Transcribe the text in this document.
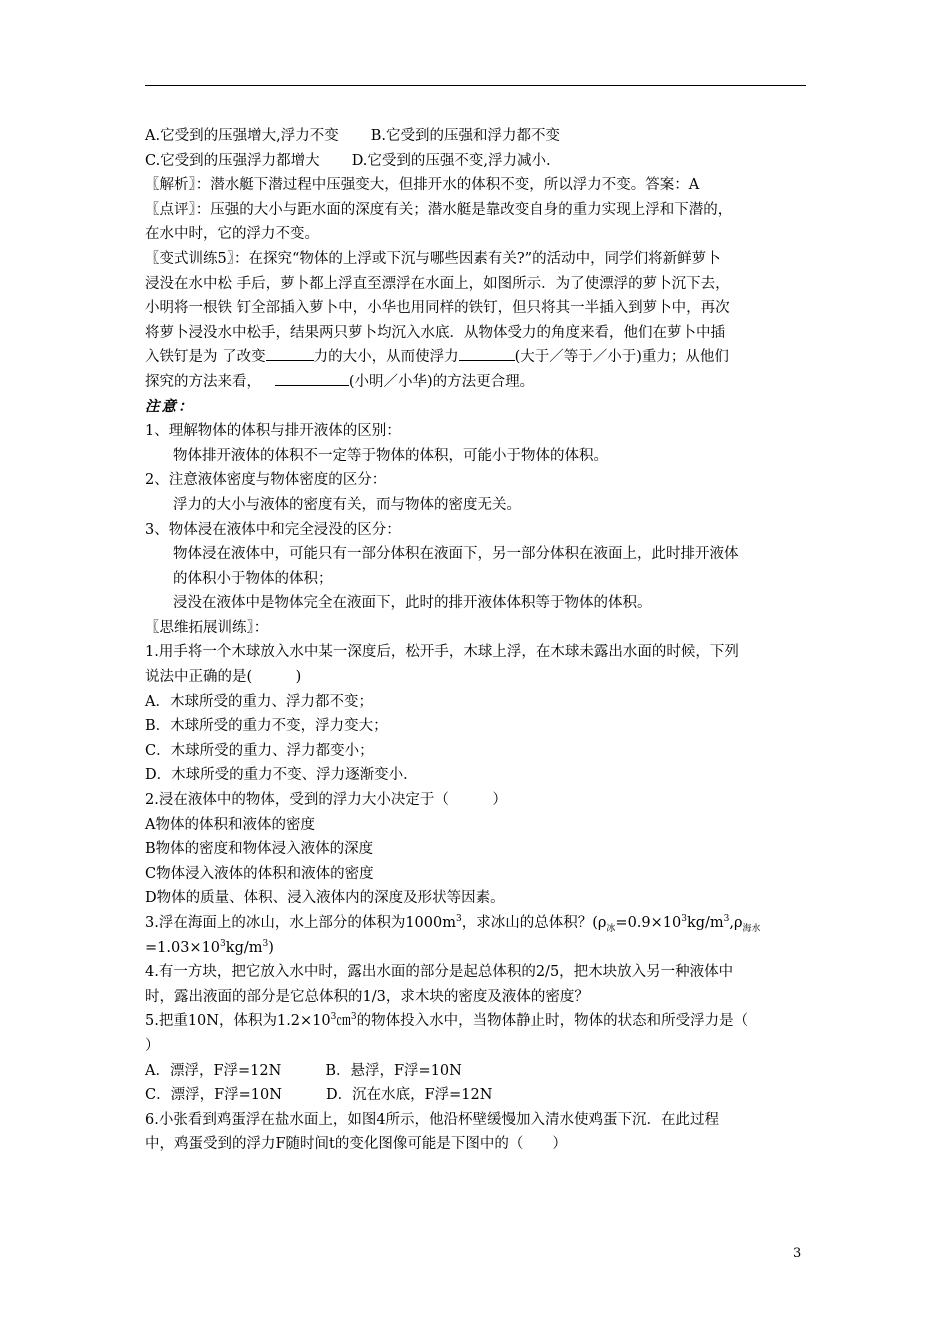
A.它受到的压强增大,浮力不变 B.它受到的压强和浮力都不变

C.它受到的压强浮力都增大 D.它受到的压强不变,浮力减小.

〖解析〗：潜水艇下潜过程中压强变大，但排开水的体积不变，所以浮力不变。答案：A

〖点评〗：压强的大小与距水面的深度有关；潜水艇是靠改变自身的重力实现上浮和下潜的，

在水中时，它的浮力不变。

〖变式训练5〗：在探究“物体的上浮或下沉与哪些因素有关?”的活动中，同学们将新鲜萝卜

浸没在水中松 手后，萝卜都上浮直至漂浮在水面上，如图所示．为了使漂浮的萝卜沉下去，

小明将一根铁 钉全部插入萝卜中，小华也用同样的铁钉，但只将其一半插入到萝卜中，再次

将萝卜浸没水中松手，结果两只萝卜均沉入水底．从物体受力的角度来看，他们在萝卜中插

入铁钉是为 了改变	力的大小，从而使浮力	(大于／等于／小于)重力；从他们

探究的方法来看，	(小明／小华)的方法更合理。

注意：

1、理解物体的体积与排开液体的区别：

物体排开液体的体积不一定等于物体的体积，可能小于物体的体积。

2、注意液体密度与物体密度的区分：

浮力的大小与液体的密度有关，而与物体的密度无关。

3、物体浸在液体中和完全浸没的区分：

物体浸在液体中，可能只有一部分体积在液面下，另一部分体积在液面上，此时排开液体

的体积小于物体的体积；

浸没在液体中是物体完全在液面下，此时的排开液体体积等于物体的体积。

〖思维拓展训练〗：

1.用手将一个木球放入水中某一深度后，松开手，木球上浮，在木球未露出水面的时候，下列

说法中正确的是(　　　)

A．木球所受的重力、浮力都不变；

B．木球所受的重力不变，浮力变大；

C．木球所受的重力、浮力都变小；

D．木球所受的重力不变、浮力逐渐变小．

2.浸在液体中的物体，受到的浮力大小决定于（　　　）

A物体的体积和液体的密度

B物体的密度和物体浸入液体的深度

C物体浸入液体的体积和液体的密度

D物体的质量、体积、浸入液体内的深度及形状等因素。

3.浮在海面上的冰山，水上部分的体积为$1000m^3$，求冰山的总体积？($\rho_冰=0.9\times 10^3kg/m^3,\rho_{海水}$

$=1.03\times 10^3kg/m^3$)

4.有一方块，把它放入水中时，露出水面的部分是起总体积的2/5，把木块放入另一种液体中

时，露出液面的部分是它总体积的1/3，求木块的密度及液体的密度？

5.把重10N，体积为$1.2\times 10^3㎝^3$的物体投入水中，当物体静止时，物体的状态和所受浮力是（

）

A．漂浮，F浮=12N	B．悬浮，F浮=10N

C．漂浮，F浮=10N	D．沉在水底，F浮=12N

6.小张看到鸡蛋浮在盐水面上，如图4所示，他沿杯壁缓慢加入清水使鸡蛋下沉．在此过程

中，鸡蛋受到的浮力F随时间t的变化图像可能是下图中的（　　）

3
